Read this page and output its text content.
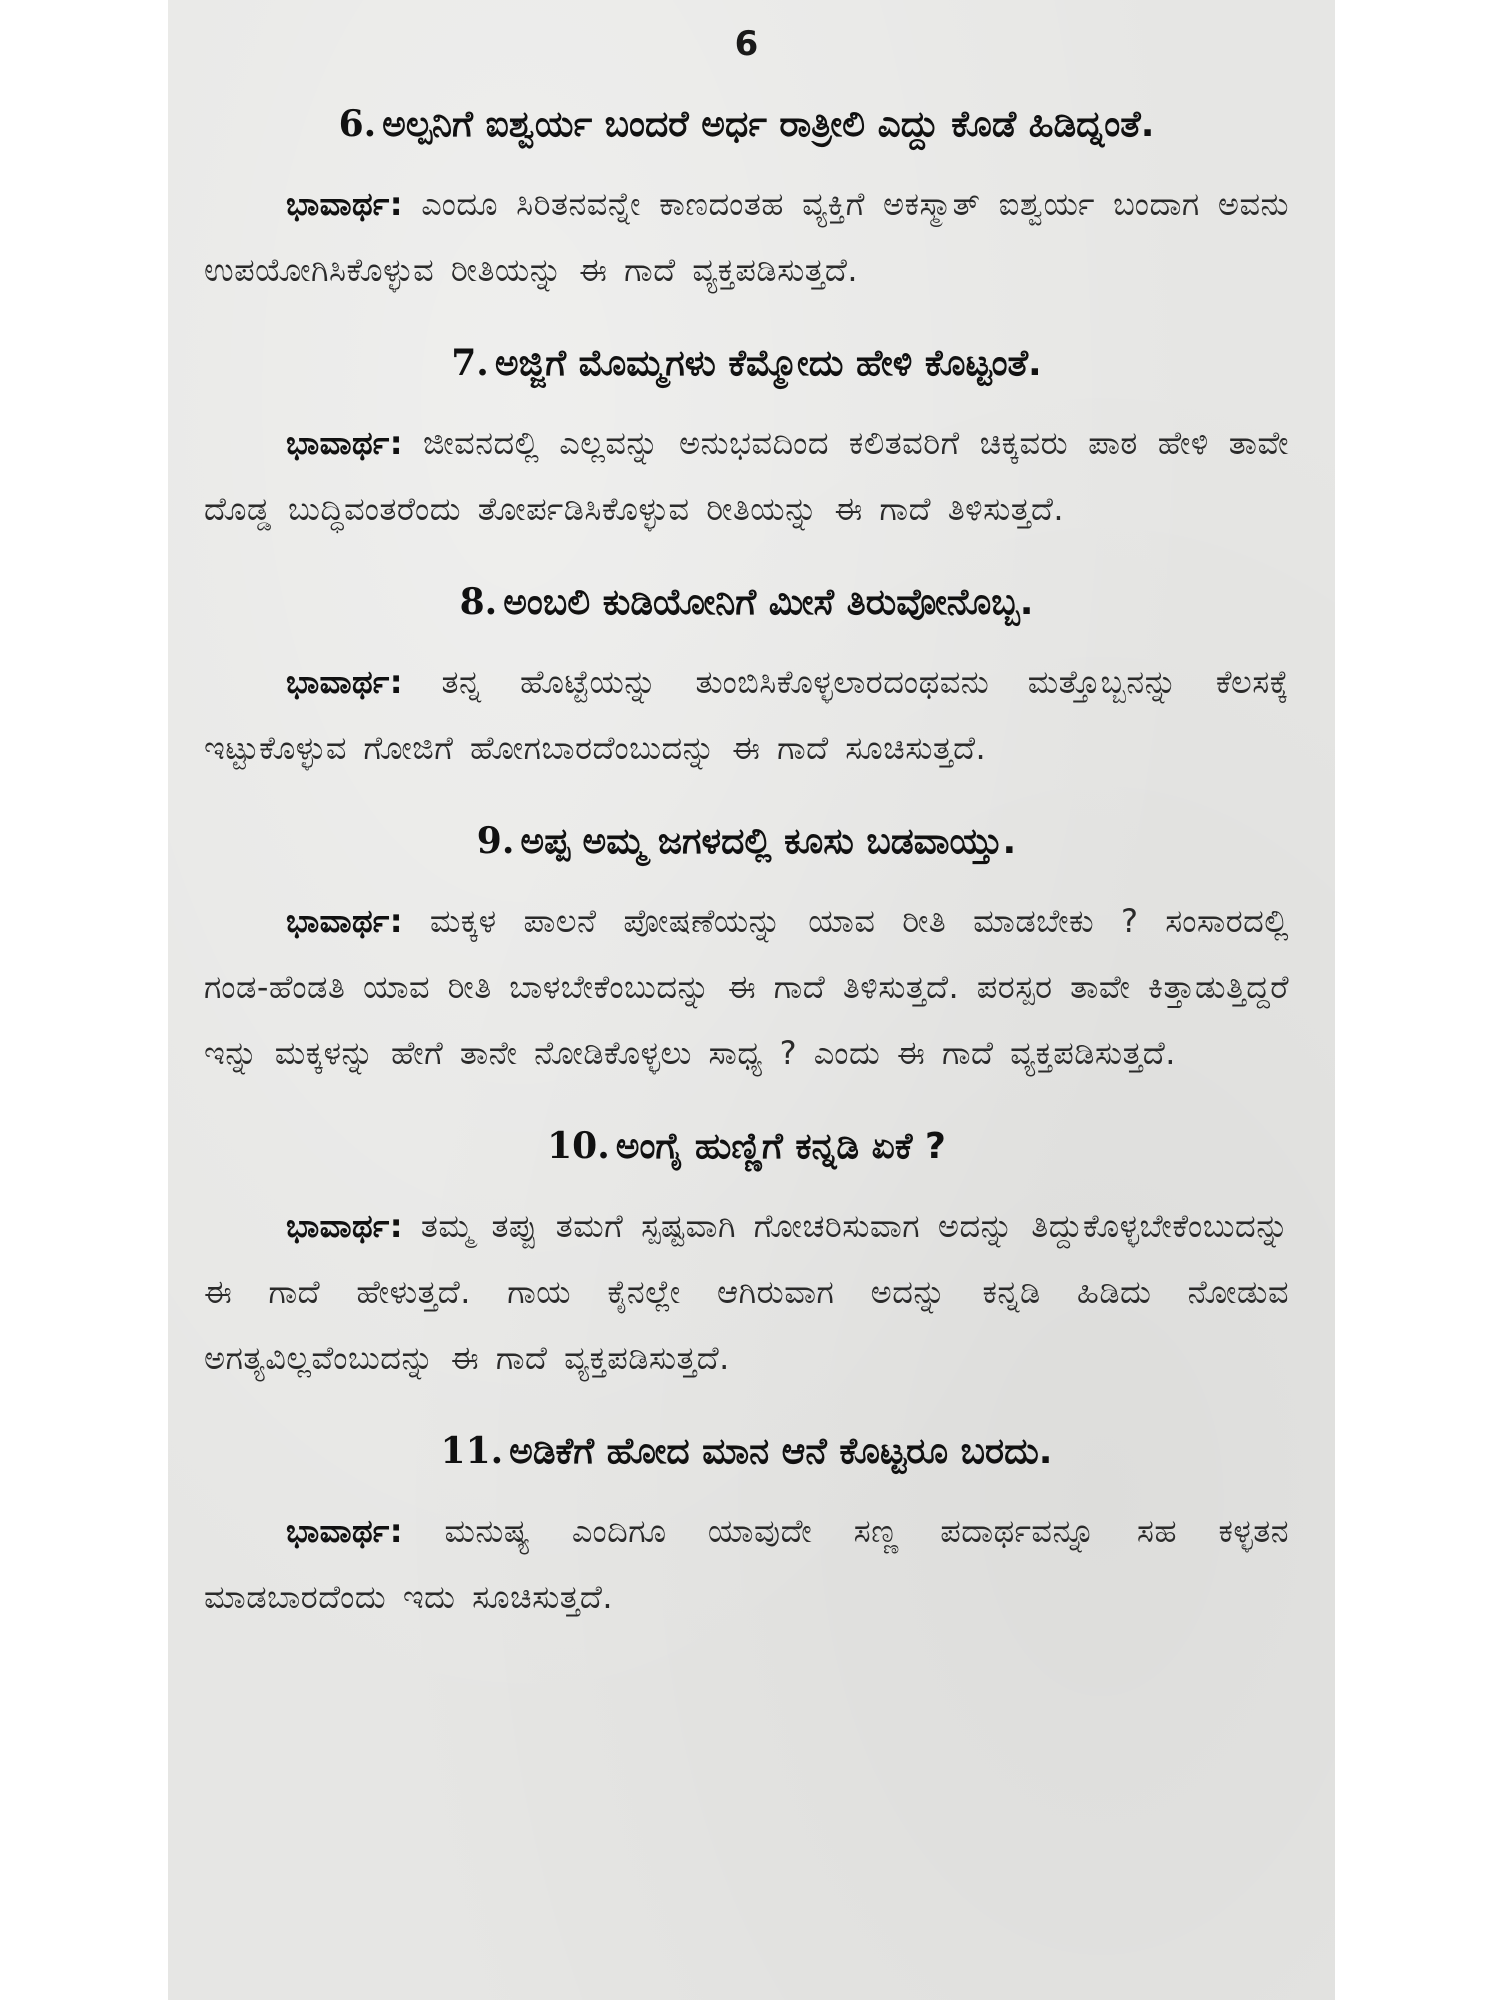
6
6. ಅಲ್ಪನಿಗೆ ಐಶ್ವರ್ಯ ಬಂದರೆ ಅರ್ಧ ರಾತ್ರೀಲಿ ಎದ್ದು ಕೊಡೆ ಹಿಡಿದ್ನಂತೆ.
ಭಾವಾರ್ಥ: ಎಂದೂ ಸಿರಿತನವನ್ನೇ ಕಾಣದಂತಹ ವ್ಯಕ್ತಿಗೆ ಅಕಸ್ಮಾತ್ ಐಶ್ವರ್ಯ ಬಂದಾಗ ಅವನು ಉಪಯೋಗಿಸಿಕೊಳ್ಳುವ ರೀತಿಯನ್ನು ಈ ಗಾದೆ ವ್ಯಕ್ತಪಡಿಸುತ್ತದೆ.
7. ಅಜ್ಜಿಗೆ ಮೊಮ್ಮಗಳು ಕೆಮ್ಮೋದು ಹೇಳಿ ಕೊಟ್ಟಂತೆ.
ಭಾವಾರ್ಥ: ಜೀವನದಲ್ಲಿ ಎಲ್ಲವನ್ನು ಅನುಭವದಿಂದ ಕಲಿತವರಿಗೆ ಚಿಕ್ಕವರು ಪಾಠ ಹೇಳಿ ತಾವೇ ದೊಡ್ಡ ಬುದ್ಧಿವಂತರೆಂದು ತೋರ್ಪಡಿಸಿಕೊಳ್ಳುವ ರೀತಿಯನ್ನು ಈ ಗಾದೆ ತಿಳಿಸುತ್ತದೆ.
8. ಅಂಬಲಿ ಕುಡಿಯೋನಿಗೆ ಮೀಸೆ ತಿರುವೋನೊಬ್ಬ.
ಭಾವಾರ್ಥ: ತನ್ನ ಹೊಟ್ಟೆಯನ್ನು ತುಂಬಿಸಿಕೊಳ್ಳಲಾರದಂಥವನು ಮತ್ತೊಬ್ಬನನ್ನು ಕೆಲಸಕ್ಕೆ ಇಟ್ಟುಕೊಳ್ಳುವ ಗೋಜಿಗೆ ಹೋಗಬಾರದೆಂಬುದನ್ನು ಈ ಗಾದೆ ಸೂಚಿಸುತ್ತದೆ.
9. ಅಪ್ಪ ಅಮ್ಮ ಜಗಳದಲ್ಲಿ ಕೂಸು ಬಡವಾಯ್ತು.
ಭಾವಾರ್ಥ: ಮಕ್ಕಳ ಪಾಲನೆ ಪೋಷಣೆಯನ್ನು ಯಾವ ರೀತಿ ಮಾಡಬೇಕು ? ಸಂಸಾರದಲ್ಲಿ ಗಂಡ-ಹೆಂಡತಿ ಯಾವ ರೀತಿ ಬಾಳಬೇಕೆಂಬುದನ್ನು ಈ ಗಾದೆ ತಿಳಿಸುತ್ತದೆ. ಪರಸ್ಪರ ತಾವೇ ಕಿತ್ತಾಡುತ್ತಿದ್ದರೆ ಇನ್ನು ಮಕ್ಕಳನ್ನು ಹೇಗೆ ತಾನೇ ನೋಡಿಕೊಳ್ಳಲು ಸಾಧ್ಯ ? ಎಂದು ಈ ಗಾದೆ ವ್ಯಕ್ತಪಡಿಸುತ್ತದೆ.
10. ಅಂಗೈ ಹುಣ್ಣಿಗೆ ಕನ್ನಡಿ ಏಕೆ ?
ಭಾವಾರ್ಥ: ತಮ್ಮ ತಪ್ಪು ತಮಗೆ ಸ್ಪಷ್ಟವಾಗಿ ಗೋಚರಿಸುವಾಗ ಅದನ್ನು ತಿದ್ದುಕೊಳ್ಳಬೇಕೆಂಬುದನ್ನು ಈ ಗಾದೆ ಹೇಳುತ್ತದೆ. ಗಾಯ ಕೈನಲ್ಲೇ ಆಗಿರುವಾಗ ಅದನ್ನು ಕನ್ನಡಿ ಹಿಡಿದು ನೋಡುವ ಅಗತ್ಯವಿಲ್ಲವೆಂಬುದನ್ನು ಈ ಗಾದೆ ವ್ಯಕ್ತಪಡಿಸುತ್ತದೆ.
11. ಅಡಿಕೆಗೆ ಹೋದ ಮಾನ ಆನೆ ಕೊಟ್ಟರೂ ಬರದು.
ಭಾವಾರ್ಥ: ಮನುಷ್ಯ ಎಂದಿಗೂ ಯಾವುದೇ ಸಣ್ಣ ಪದಾರ್ಥವನ್ನೂ ಸಹ ಕಳ್ಳತನ ಮಾಡಬಾರದೆಂದು ಇದು ಸೂಚಿಸುತ್ತದೆ.
